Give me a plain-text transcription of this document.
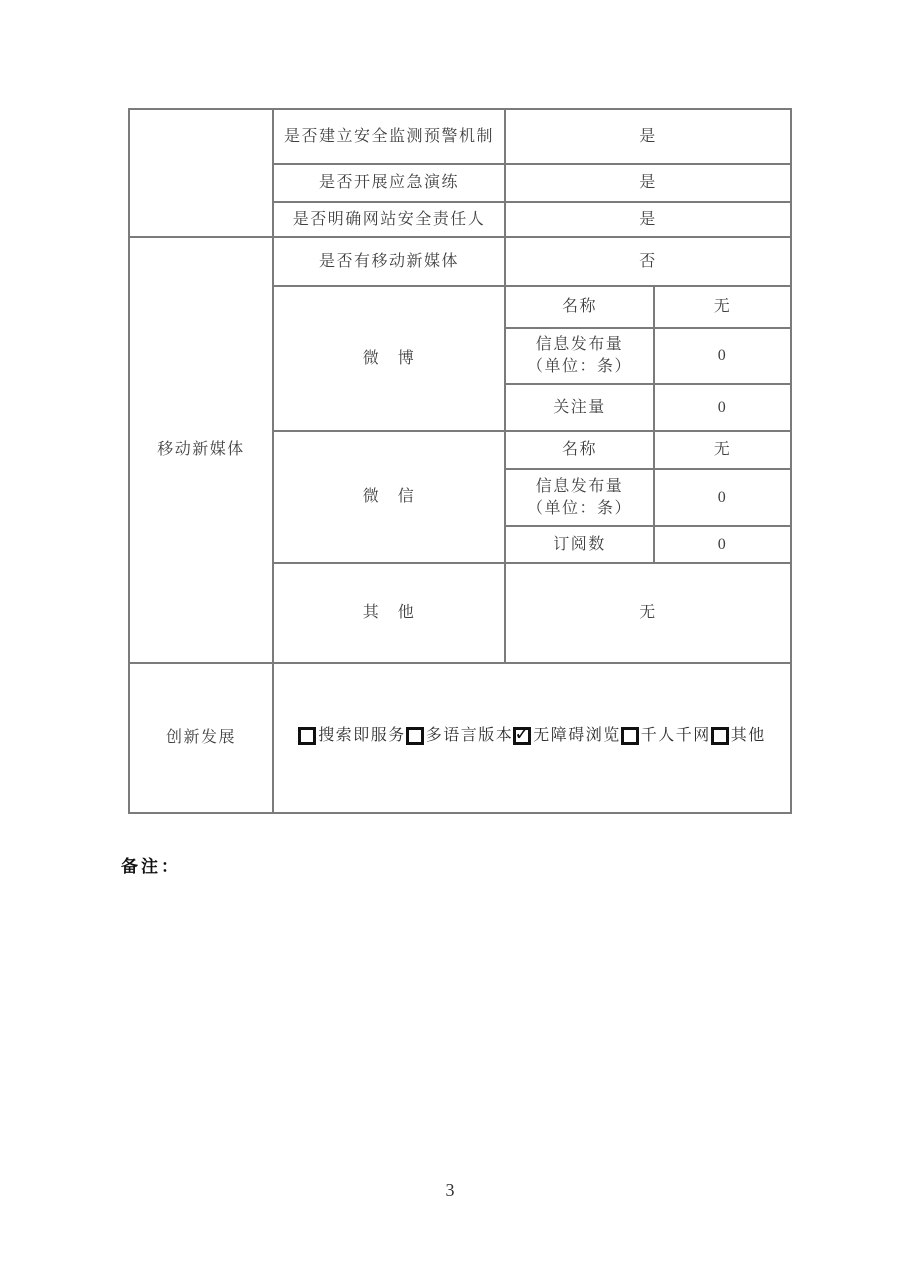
	是否建立安全监测预警机制	是	
	是否开展应急演练	是	
	是否明确网站安全责任人	是	
移动新媒体	是否有移动新媒体	否	
	微　博	名称	无

		信息发布量
（单位：条）	0
		关注量	0
	微　信	名称	无

		信息发布量
（单位：条）	0
		订阅数	0
	其　他	无	
创新发展	搜索即服务 多语言版本 ✓ 无障碍浏览 千人千网 其他
备注：
3
